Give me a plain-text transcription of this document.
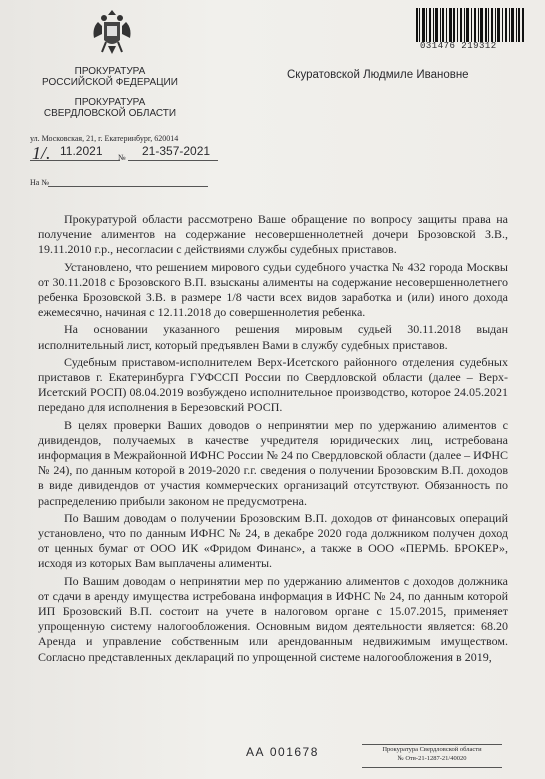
031476 219312
ПРОКУРАТУРА
РОССИЙСКОЙ ФЕДЕРАЦИИ
ПРОКУРАТУРА
СВЕРДЛОВСКОЙ ОБЛАСТИ
ул. Московская, 21, г. Екатеринбург, 620014
1/. 11.2021	21-357-2021
№
На №
Скуратовской Людмиле Ивановне

Прокуратурой области рассмотрено Ваше обращение по вопросу защиты права на получение алиментов на содержание несовершеннолетней дочери Брозовской З.В., 19.11.2010 г.р., несогласии с действиями службы судебных приставов.

Установлено, что решением мирового судьи судебного участка № 432 города Москвы от 30.11.2018 с Брозовского В.П. взысканы алименты на содержание несовершеннолетнего ребенка Брозовской З.В. в размере 1/8 части всех видов заработка и (или) иного дохода ежемесячно, начиная с 12.11.2018 до совершеннолетия ребенка.

На основании указанного решения мировым судьей 30.11.2018 выдан исполнительный лист, который предъявлен Вами в службу судебных приставов.

Судебным приставом-исполнителем Верх-Исетского районного отделения судебных приставов г. Екатеринбурга ГУФССП России по Свердловской области (далее – Верх-Исетский РОСП) 08.04.2019 возбуждено исполнительное производство, которое 24.05.2021 передано для исполнения в Березовский РОСП.

В целях проверки Ваших доводов о непринятии мер по удержанию алиментов с дивидендов, получаемых в качестве учредителя юридических лиц, истребована информация в Межрайонной ИФНС России № 24 по Свердловской области (далее – ИФНС № 24), по данным которой в 2019-2020 г.г. сведения о получении Брозовским В.П. доходов в виде дивидендов от участия коммерческих организаций отсутствуют. Обязанность по распределению прибыли законом не предусмотрена.

По Вашим доводам о получении Брозовским В.П. доходов от финансовых операций установлено, что по данным ИФНС № 24, в декабре 2020 года должником получен доход от ценных бумаг от ООО ИК «Фридом Финанс», а также в ООО «ПЕРМЬ. БРОКЕР», исходя из которых Вам выплачены алименты.

По Вашим доводам о непринятии мер по удержанию алиментов с доходов должника от сдачи в аренду имущества истребована информация в ИФНС № 24, по данным которой ИП Брозовский В.П. состоит на учете в налоговом органе с 15.07.2015, применяет упрощенную систему налогообложения. Основным видом деятельности является: 68.20 Аренда и управление собственным или арендованным недвижимым имуществом. Согласно представленных деклараций по упрощенной системе налогообложения в 2019,

АА 001678	Прокуратура Свердловской области
№ Отв-21-1287-21/40020
